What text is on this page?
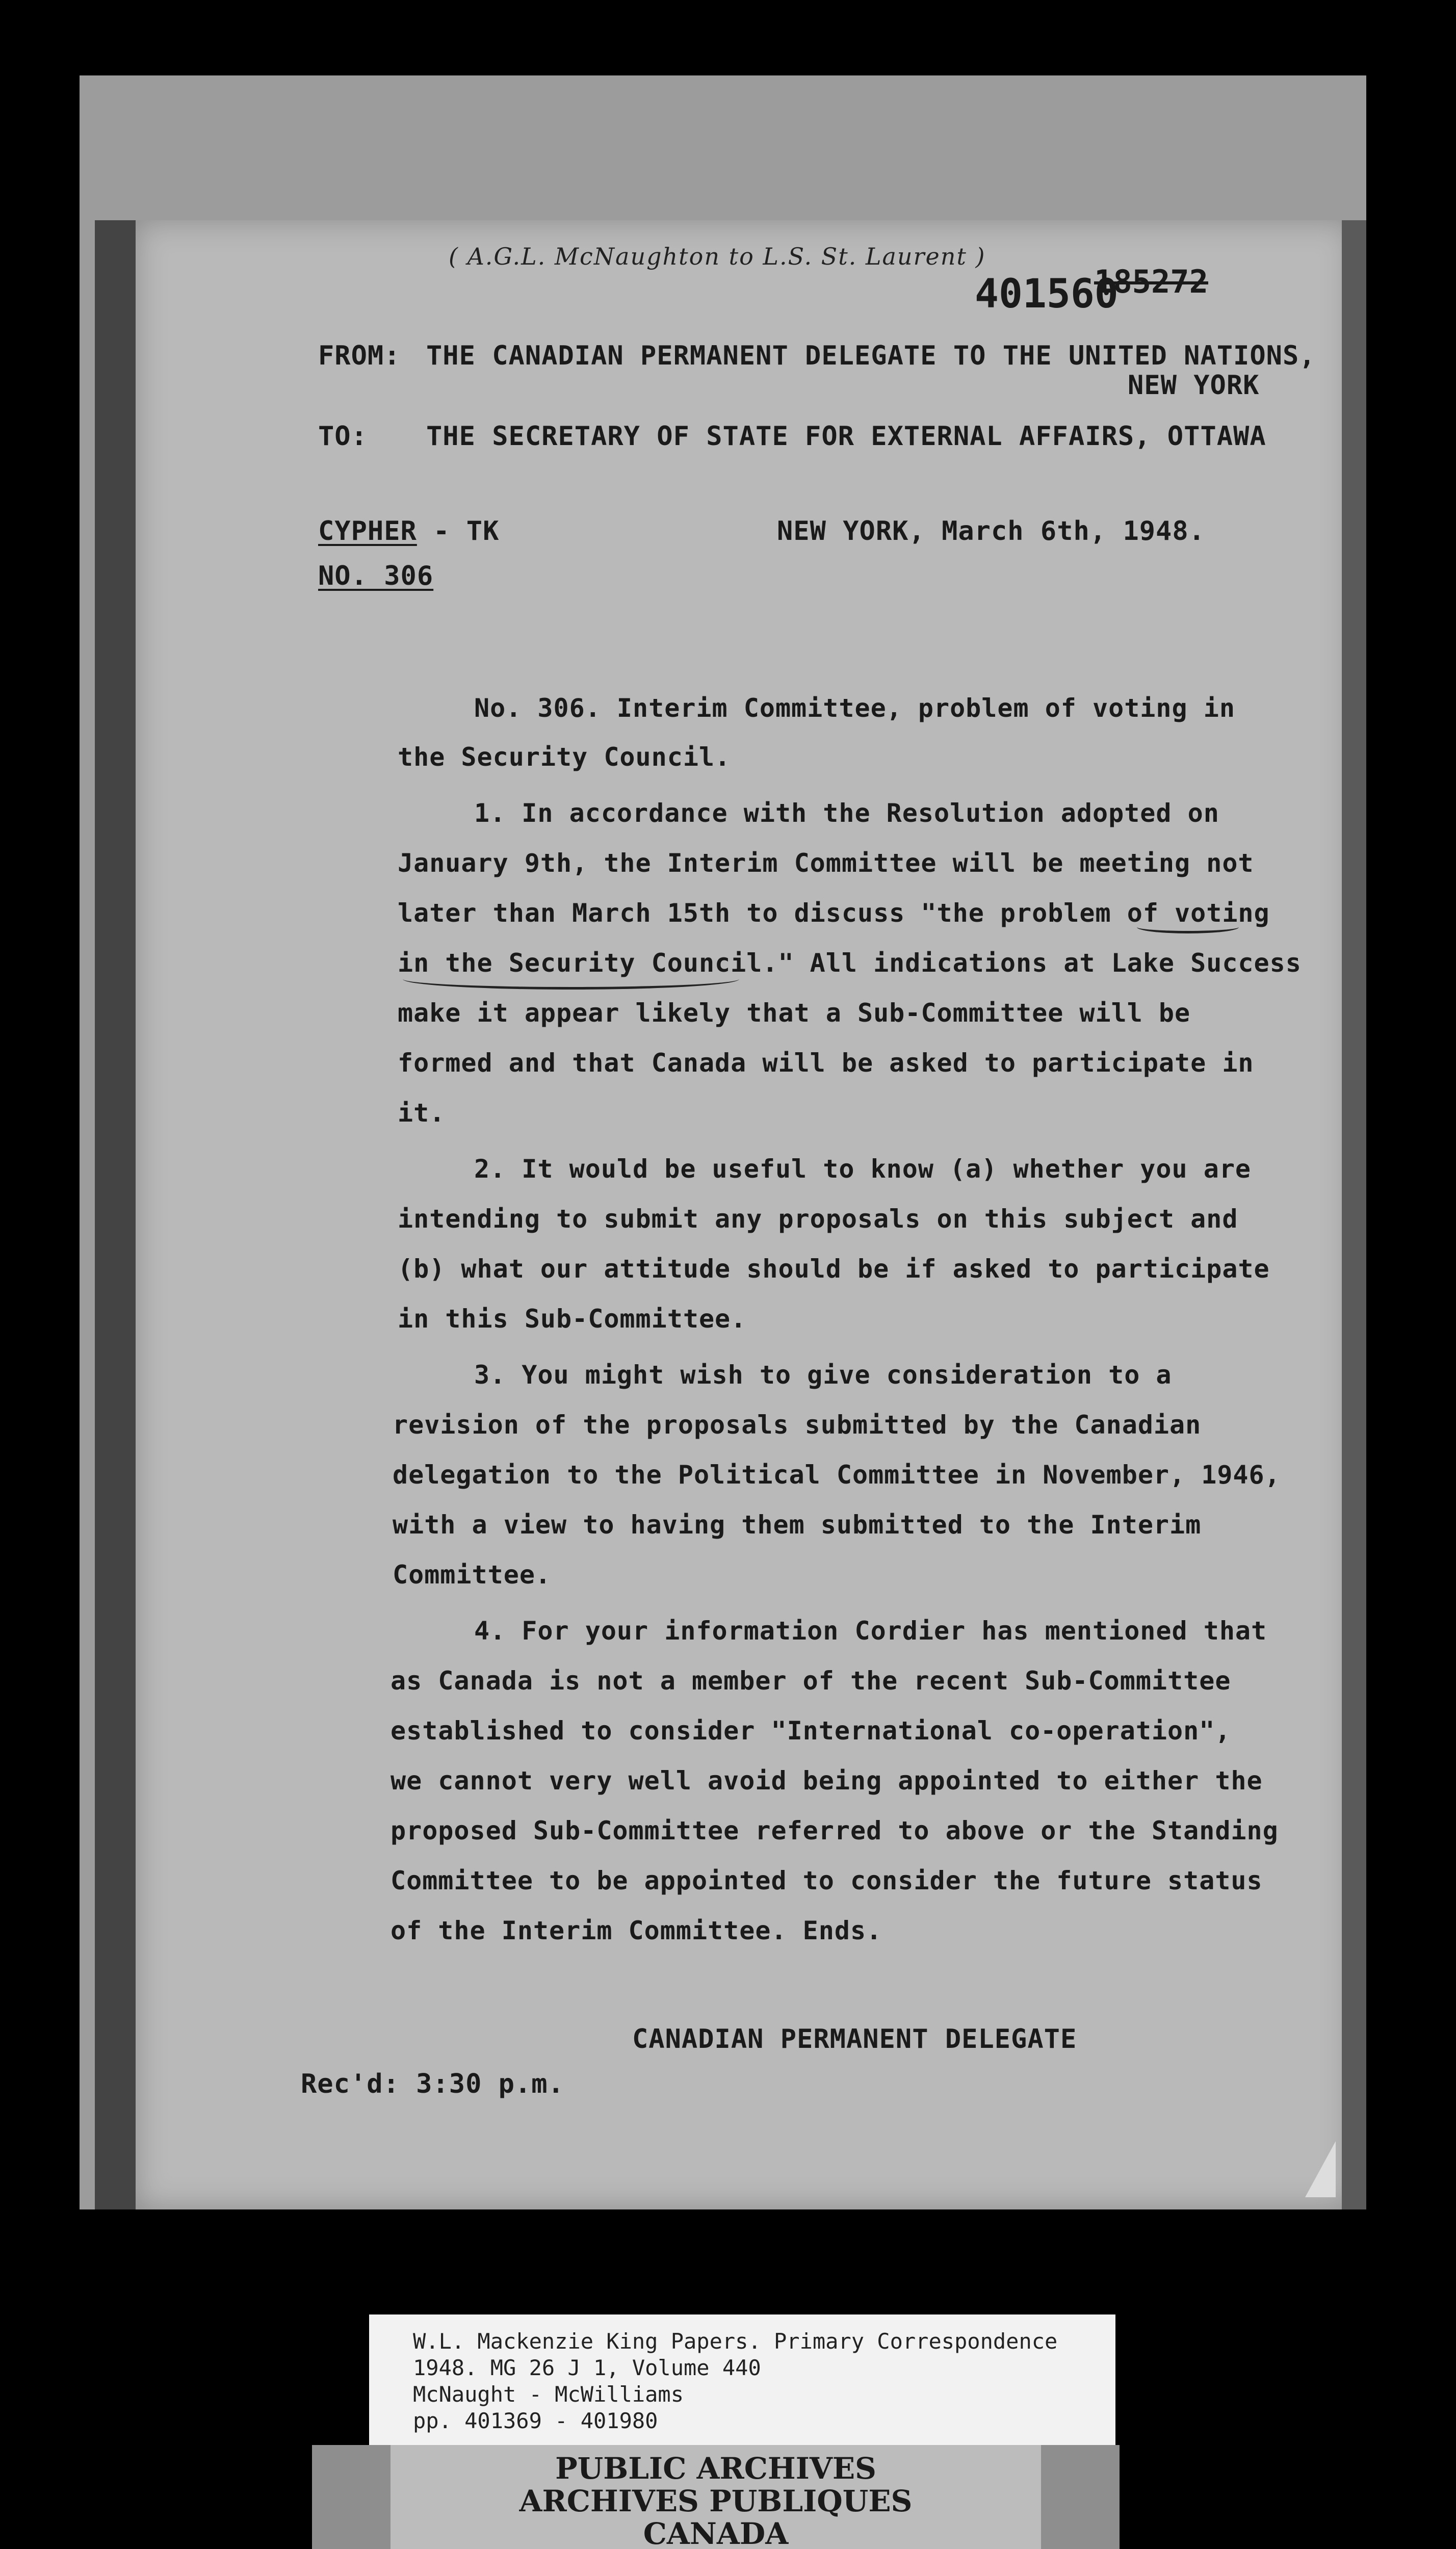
( A.G.L. McNaughton to L.S. St. Laurent )
401560
185272
FROM: THE CANADIAN PERMANENT DELEGATE TO THE UNITED NATIONS,
NEW YORK
TO: THE SECRETARY OF STATE FOR EXTERNAL AFFAIRS, OTTAWA
CYPHER - TK	NEW YORK, March 6th, 1948.
NO. 306
No. 306. Interim Committee, problem of voting in
the Security Council.
1. In accordance with the Resolution adopted on
January 9th, the Interim Committee will be meeting not
later than March 15th to discuss "the problem of voting
in the Security Council." All indications at Lake Success
make it appear likely that a Sub-Committee will be
formed and that Canada will be asked to participate in
it.
2. It would be useful to know (a) whether you are
intending to submit any proposals on this subject and
(b) what our attitude should be if asked to participate
in this Sub-Committee.
3. You might wish to give consideration to a
revision of the proposals submitted by the Canadian
delegation to the Political Committee in November, 1946,
with a view to having them submitted to the Interim
Committee.
4. For your information Cordier has mentioned that
as Canada is not a member of the recent Sub-Committee
established to consider "International co-operation",
we cannot very well avoid being appointed to either the
proposed Sub-Committee referred to above or the Standing
Committee to be appointed to consider the future status
of the Interim Committee. Ends.
CANADIAN PERMANENT DELEGATE
Rec'd: 3:30 p.m.
W.L. Mackenzie King Papers. Primary Correspondence
1948. MG 26 J 1, Volume 440
McNaught - McWilliams
pp. 401369 - 401980
PUBLIC ARCHIVES
ARCHIVES PUBLIQUES
CANADA
